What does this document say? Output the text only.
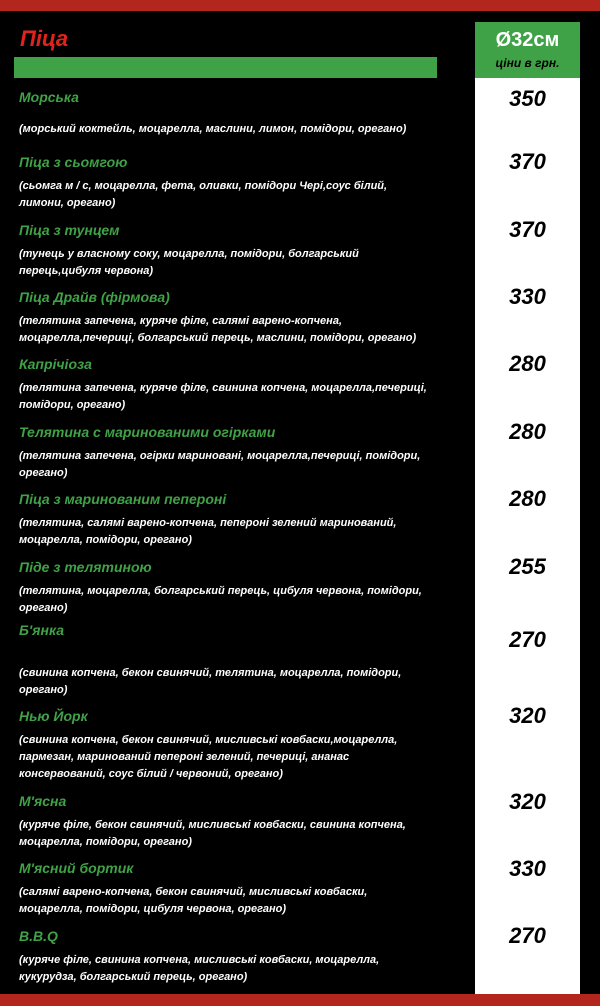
Піца	Ø32см
ціни в грн.

Морська	350

(морський коктейль, моцарелла, маслини, лимон, помідори, орегано)

Піца з сьомгою	370

(сьомга м / с, моцарелла, фета, оливки, помідори Черi,соус білий, лимони, орегано)

Піца з тунцем	370

(тунець у власному соку, моцарелла, помідори, болгарський перець,цибуля червона)

Піца Драйв (фірмова)	330

(телятина запечена, куряче філе, салямі варено-копчена, моцарелла,печериці, болгарський перець, маслини, помідори, орегано)

Капрічіоза	280

(телятина запечена, куряче філе, свинина копчена, моцарелла,печериці, помідори, орегано)

Телятина с маринованими огірками	280

(телятина запечена, огірки мариновані, моцарелла,печериці, помідори, орегано)

Піца з маринованим пепероні	280

(телятина, салямі варено-копчена, пепероні зелений маринований, моцарелла, помідори, орегано)

Піде з телятиною	255

(телятина, моцарелла, болгарський перець, цибуля червона, помідори, орегано)

Б'янка	270

(свинина копчена, бекон свинячий, телятина, моцарелла, помідори, орегано)

Нью Йорк	320

(свинина копчена, бекон свинячий, мисливські ковбаски,моцарелла, пармезан, маринований пепероні зелений, печериці, ананас консервований, соус білий / червоний, орегано)

М'ясна	320

(куряче філе, бекон свинячий, мисливські ковбаски, свинина копчена, моцарелла, помідори, орегано)

М'ясний бортик	330

(салямі варено-копчена, бекон свинячий, мисливські ковбаски, моцарелла, помідори, цибуля червона, орегано)

B.B.Q	270

(куряче філе, свинина копчена, мисливські ковбаски, моцарелла, кукурудза, болгарський перець, орегано)
